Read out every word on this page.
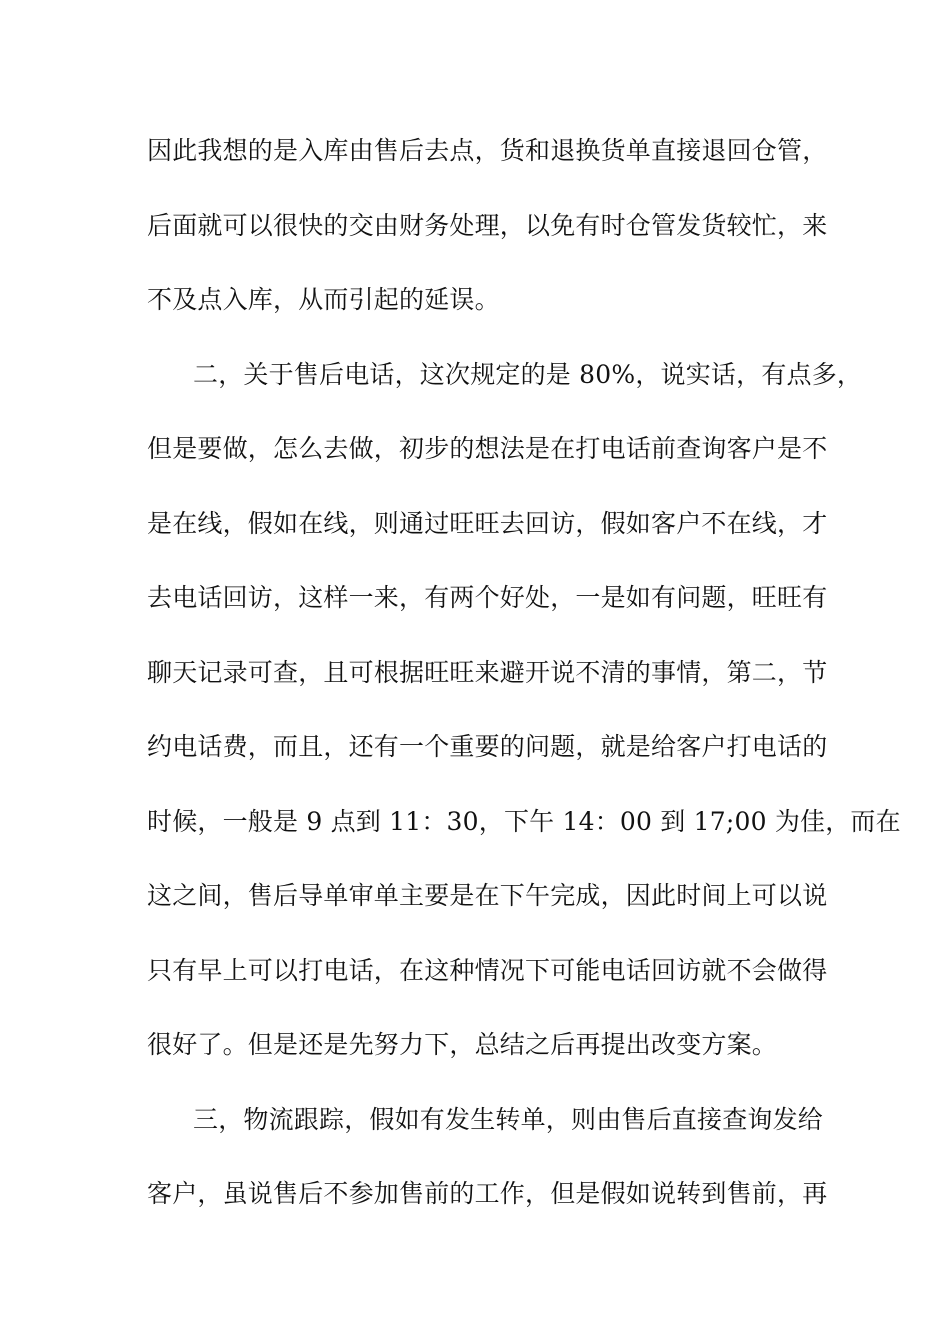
因此我想的是入库由售后去点，货和退换货单直接退回仓管，
后面就可以很快的交由财务处理，以免有时仓管发货较忙，来
不及点入库，从而引起的延误。
二，关于售后电话，这次规定的是 80%，说实话，有点多，
但是要做，怎么去做，初步的想法是在打电话前查询客户是不
是在线，假如在线，则通过旺旺去回访，假如客户不在线，才
去电话回访，这样一来，有两个好处，一是如有问题，旺旺有
聊天记录可查，且可根据旺旺来避开说不清的事情，第二，节
约电话费，而且，还有一个重要的问题，就是给客户打电话的
时候，一般是 9 点到 11：30，下午 14：00 到 17;00 为佳，而在
这之间，售后导单审单主要是在下午完成，因此时间上可以说
只有早上可以打电话，在这种情况下可能电话回访就不会做得
很好了。但是还是先努力下，总结之后再提出改变方案。
三，物流跟踪，假如有发生转单，则由售后直接查询发给
客户，虽说售后不参加售前的工作，但是假如说转到售前，再
